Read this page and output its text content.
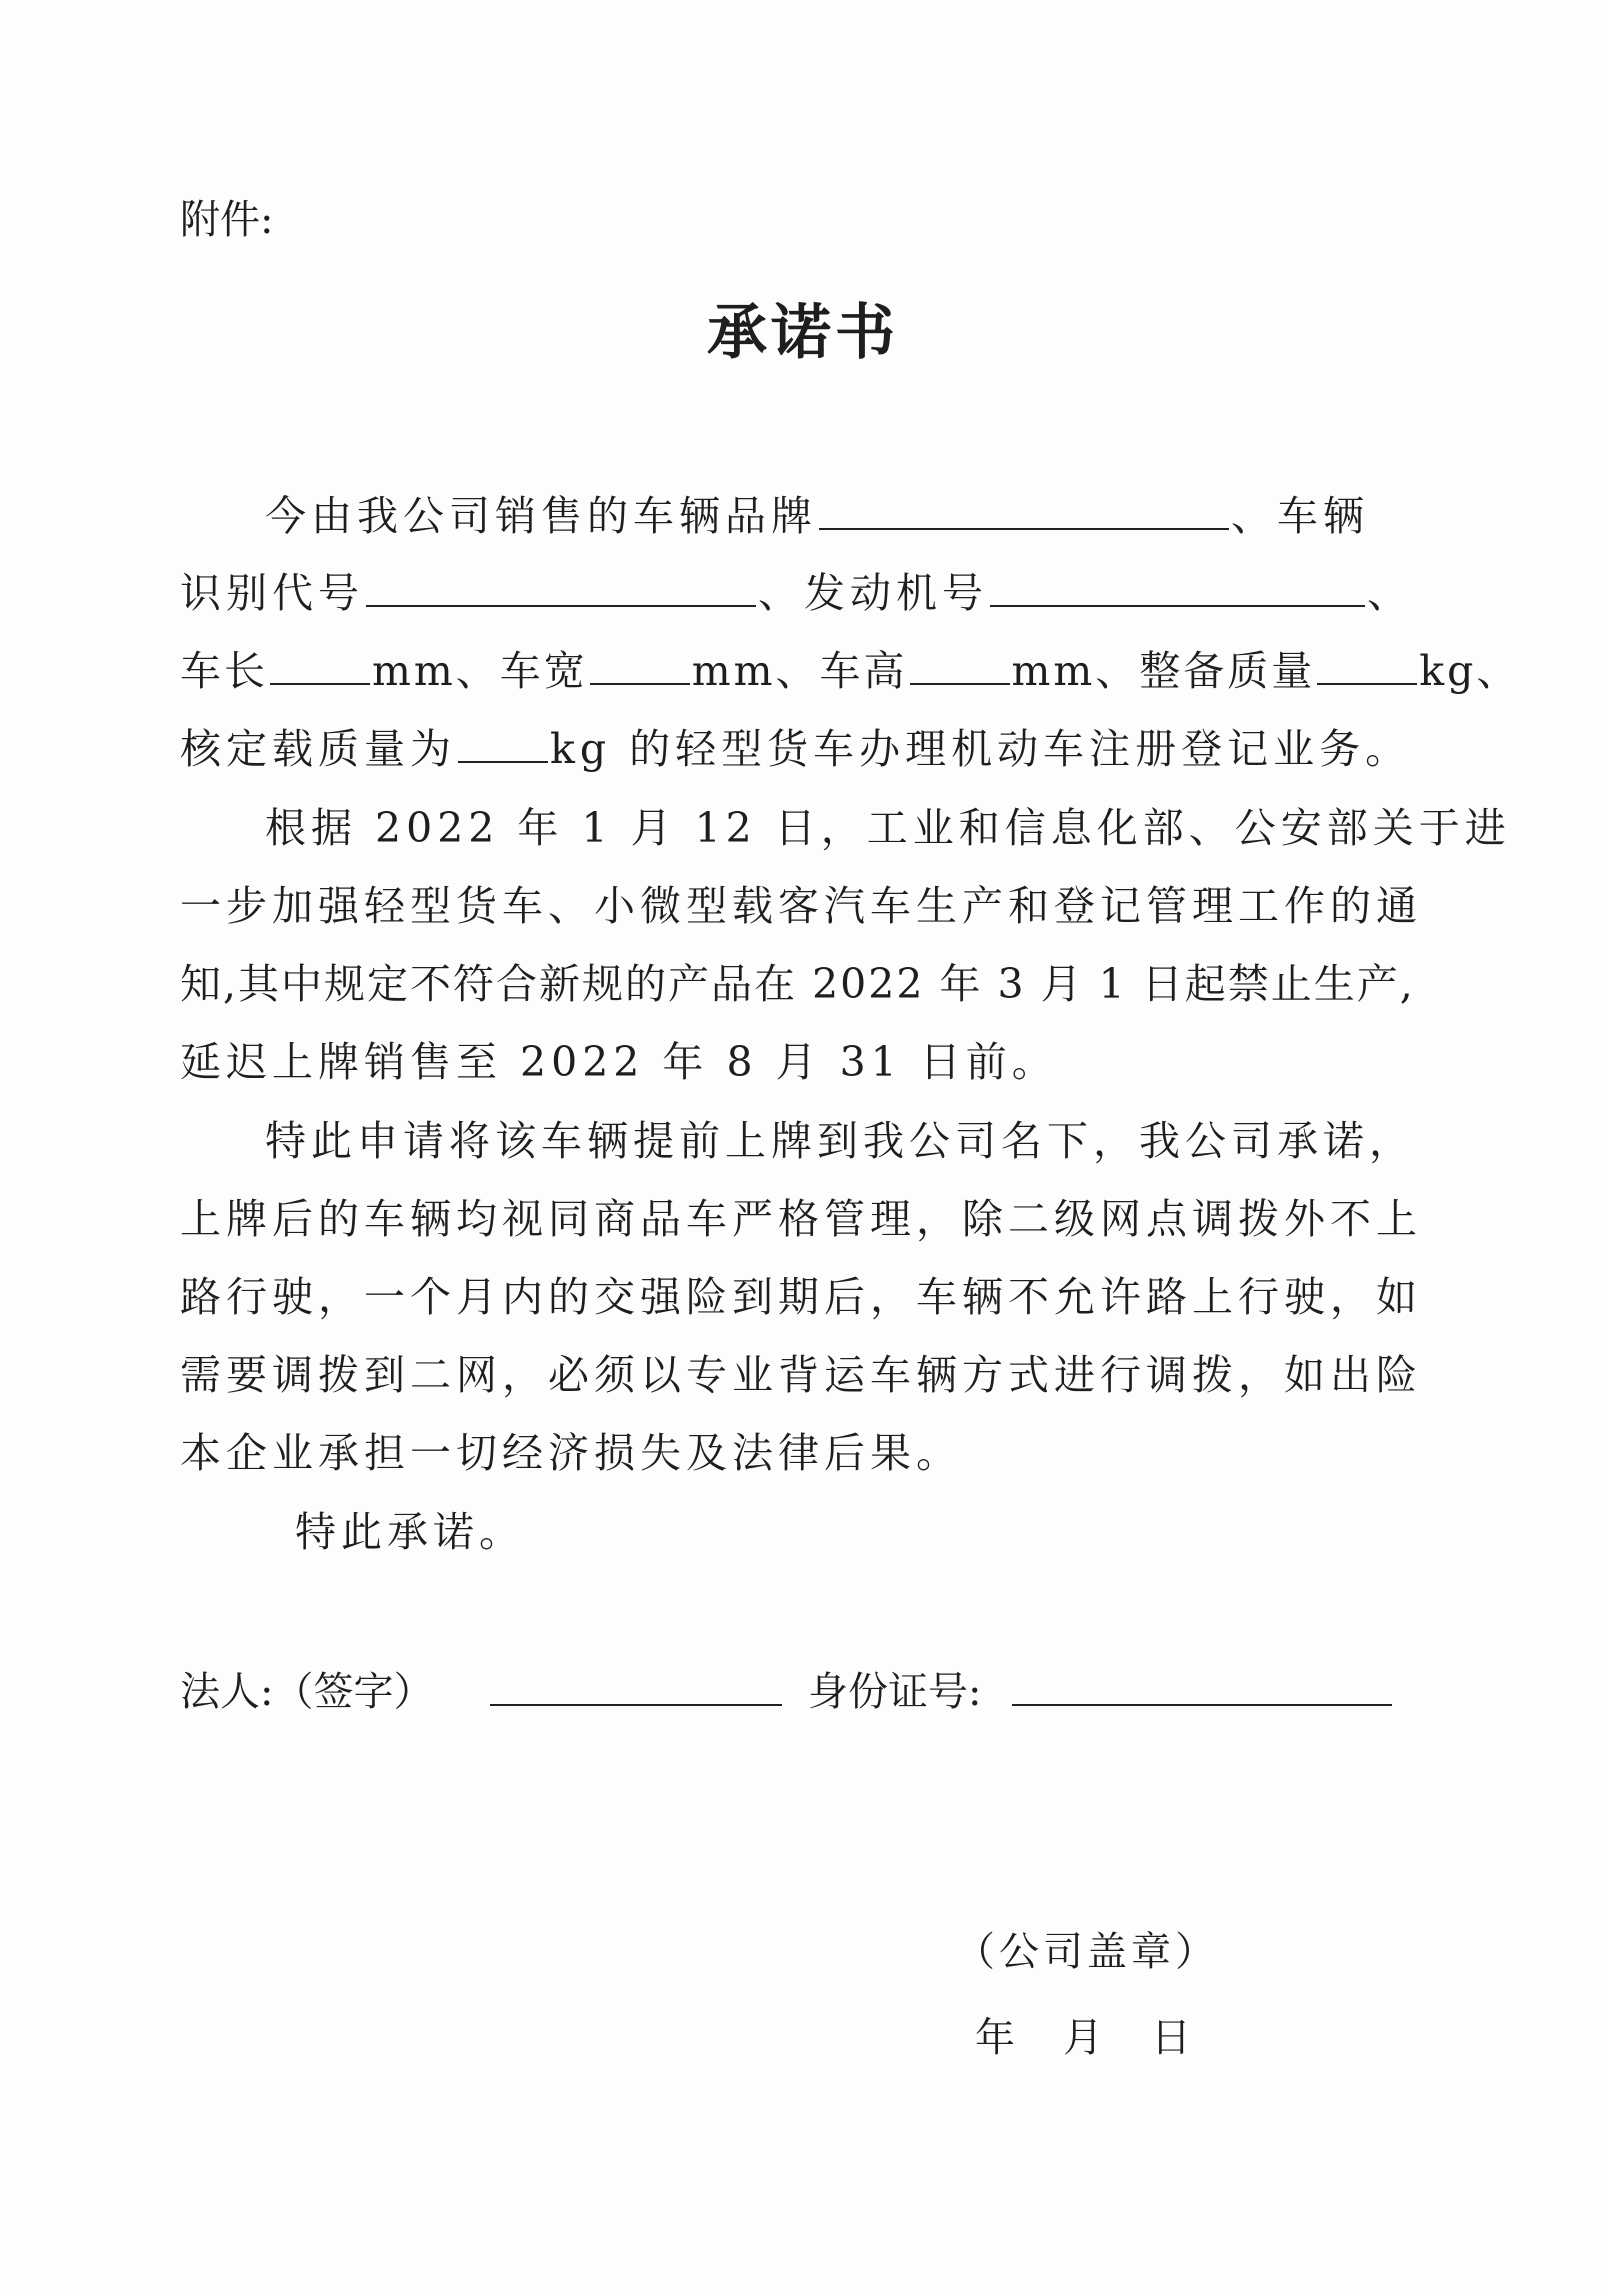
附件:
承诺书
今由我公司销售的车辆品牌	、车辆
识别代号	、发动机号	、
车长	mm、车宽	mm、车高	mm、整备质量	kg、
核定载质量为 kg 的轻型货车办理机动车注册登记业务。
根据 2022 年 1 月 12 日，工业和信息化部、公安部关于进
一步加强轻型货车、小微型载客汽车生产和登记管理工作的通
知,其中规定不符合新规的产品在 2022 年 3 月 1 日起禁止生产,
延迟上牌销售至 2022 年 8 月 31 日前。
特此申请将该车辆提前上牌到我公司名下，我公司承诺，
上牌后的车辆均视同商品车严格管理，除二级网点调拨外不上
路行驶，一个月内的交强险到期后，车辆不允许路上行驶，如
需要调拨到二网，必须以专业背运车辆方式进行调拨，如出险
本企业承担一切经济损失及法律后果。
特此承诺。
法人:（签字）	身份证号:
（公司盖章）
年 月 日
